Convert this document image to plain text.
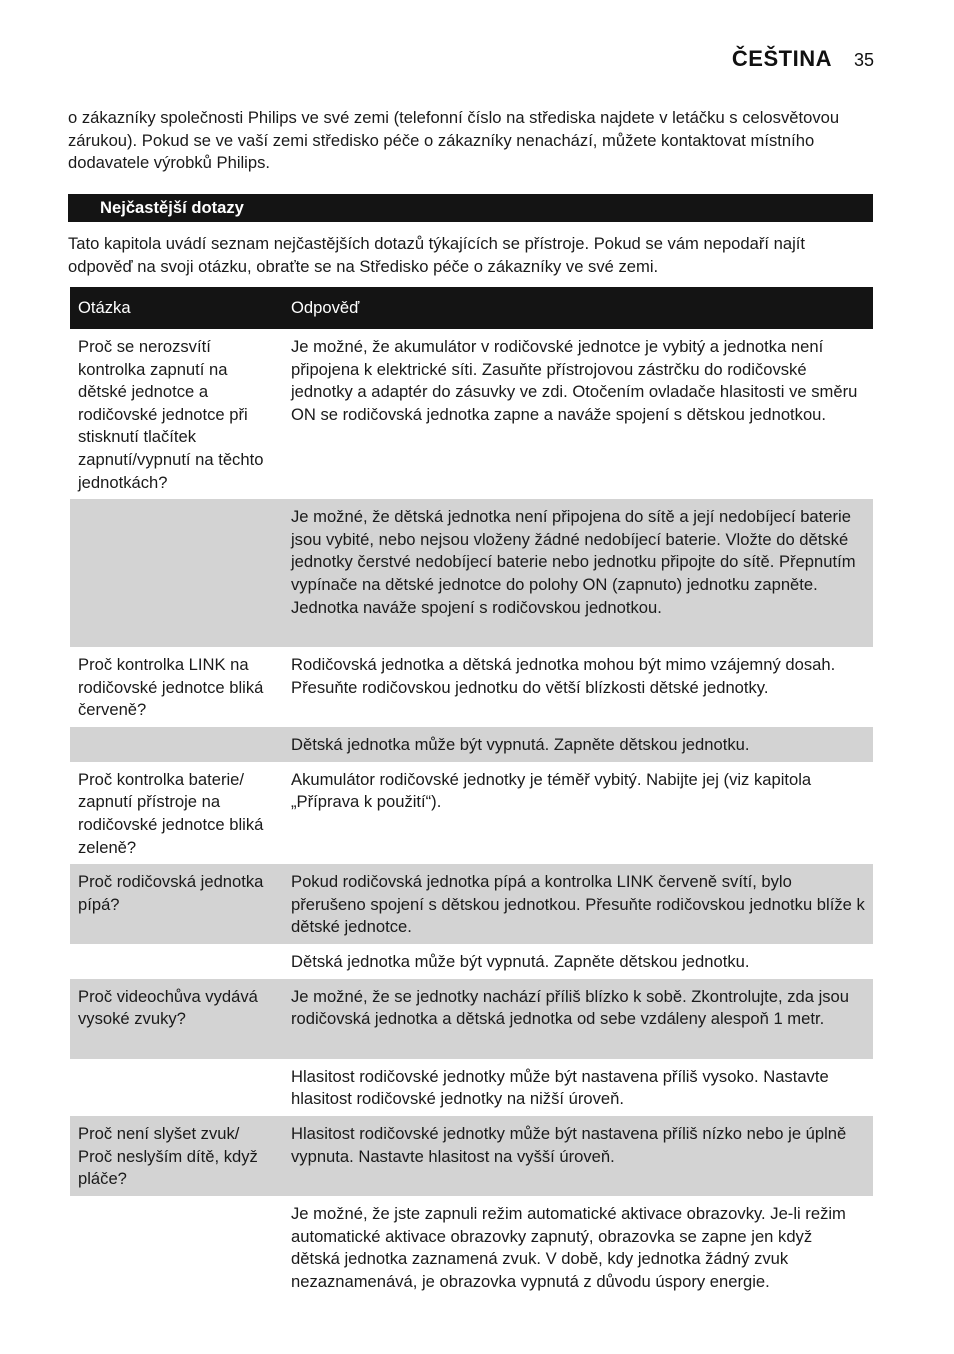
ČEŠTINA 35

o zákazníky společnosti Philips ve své zemi (telefonní číslo na střediska najdete v letáčku s celosvětovou zárukou). Pokud se ve vaší zemi středisko péče o zákazníky nenachází, můžete kontaktovat místního dodavatele výrobků Philips.

Nejčastější dotazy

Tato kapitola uvádí seznam nejčastějších dotazů týkajících se přístroje. Pokud se vám nepodaří najít odpověď na svoji otázku, obraťte se na Středisko péče o zákazníky ve své zemi.

Otázka	Odpověď
Proč se nerozsvítí kontrolka zapnutí na dětské jednotce a rodičovské jednotce při stisknutí tlačítek zapnutí/vypnutí na těchto jednotkách?	Je možné, že akumulátor v rodičovské jednotce je vybitý a jednotka není připojena k elektrické síti. Zasuňte přístrojovou zástrčku do rodičovské jednotky a adaptér do zásuvky ve zdi. Otočením ovladače hlasitosti ve směru ON se rodičovská jednotka zapne a naváže spojení s dětskou jednotkou.
	Je možné, že dětská jednotka není připojena do sítě a její nedobíjecí baterie jsou vybité, nebo nejsou vloženy žádné nedobíjecí baterie. Vložte do dětské jednotky čerstvé nedobíjecí baterie nebo jednotku připojte do sítě. Přepnutím vypínače na dětské jednotce do polohy ON (zapnuto) jednotku zapněte. Jednotka naváže spojení s rodičovskou jednotkou.
Proč kontrolka LINK na rodičovské jednotce bliká červeně?	Rodičovská jednotka a dětská jednotka mohou být mimo vzájemný dosah. Přesuňte rodičovskou jednotku do větší blízkosti dětské jednotky.
	Dětská jednotka může být vypnutá. Zapněte dětskou jednotku.
Proč kontrolka baterie/ zapnutí přístroje na rodičovské jednotce bliká zeleně?	Akumulátor rodičovské jednotky je téměř vybitý. Nabijte jej (viz kapitola „Příprava k použití“).
Proč rodičovská jednotka pípá?	Pokud rodičovská jednotka pípá a kontrolka LINK červeně svítí, bylo přerušeno spojení s dětskou jednotkou. Přesuňte rodičovskou jednotku blíže k dětské jednotce.
	Dětská jednotka může být vypnutá. Zapněte dětskou jednotku.
Proč videochůva vydává vysoké zvuky?	Je možné, že se jednotky nachází příliš blízko k sobě. Zkontrolujte, zda jsou rodičovská jednotka a dětská jednotka od sebe vzdáleny alespoň 1 metr.
	Hlasitost rodičovské jednotky může být nastavena příliš vysoko. Nastavte hlasitost rodičovské jednotky na nižší úroveň.
Proč není slyšet zvuk/ Proč neslyším dítě, když pláče?	Hlasitost rodičovské jednotky může být nastavena příliš nízko nebo je úplně vypnuta. Nastavte hlasitost na vyšší úroveň.
	Je možné, že jste zapnuli režim automatické aktivace obrazovky. Je-li režim automatické aktivace obrazovky zapnutý, obrazovka se zapne jen když dětská jednotka zaznamená zvuk. V době, kdy jednotka žádný zvuk nezaznamenává, je obrazovka vypnutá z důvodu úspory energie.
